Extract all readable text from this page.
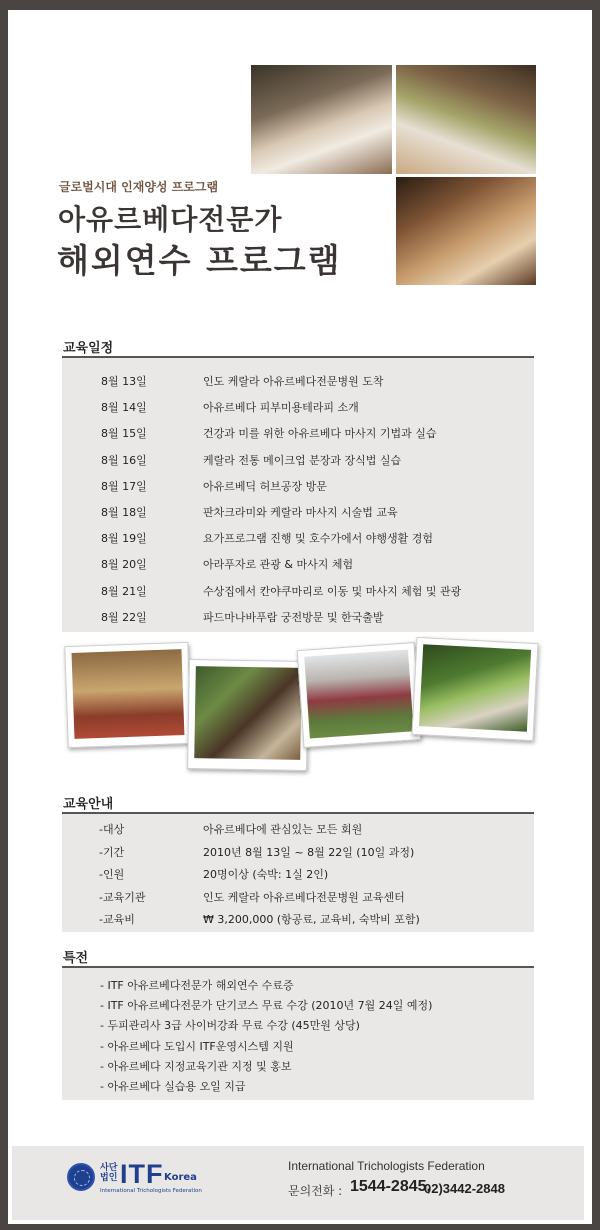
글로벌시대 인재양성 프로그램
아유르베다전문가
해외연수 프로그램
교육일정
8월 13일	인도 케랄라 아유르베다전문병원 도착
8월 14일	아유르베다 피부미용테라피 소개
8월 15일	건강과 미를 위한 아유르베다 마사지 기법과 실습
8월 16일	케랄라 전통 메이크업 분장과 장식법 실습
8월 17일	아유르베딕 허브공장 방문
8월 18일	판차크라미와 케랄라 마사지 시술법 교육
8월 19일	요가프로그램 진행 및 호수가에서 야행생활 경험
8월 20일	아라푸자로 관광 & 마사지 체험
8월 21일	수상집에서 칸야쿠마리로 이동 및 마사지 체험 및 관광
8월 22일	파드마나바푸람 궁전방문 및 한국출발
교육안내
-대상	아유르베다에 관심있는 모든 회원
-기간	2010년 8월 13일 ~ 8월 22일 (10일 과정)
-인원	20명이상 (숙박: 1실 2인)
-교육기관	인도 케랄라 아유르베다전문병원 교육센터
-교육비	₩ 3,200,000 (항공료, 교육비, 숙박비 포함)
특전
- ITF 아유르베다전문가 해외연수 수료증
- ITF 아유르베다전문가 단기코스 무료 수강 (2010년 7월 24일 예정)
- 두피관리사 3급 사이버강좌 무료 수강 (45만원 상당)
- 아유르베다 도입시 ITF운영시스템 지원
- 아유르베다 지정교육기관 지정 및 홍보
- 아유르베다 실습용 오일 지급
사단법인 ITF Korea
International Trichologists Federation
International Trichologists Federation
문의전화 : 1544-2845,
02)3442-2848
